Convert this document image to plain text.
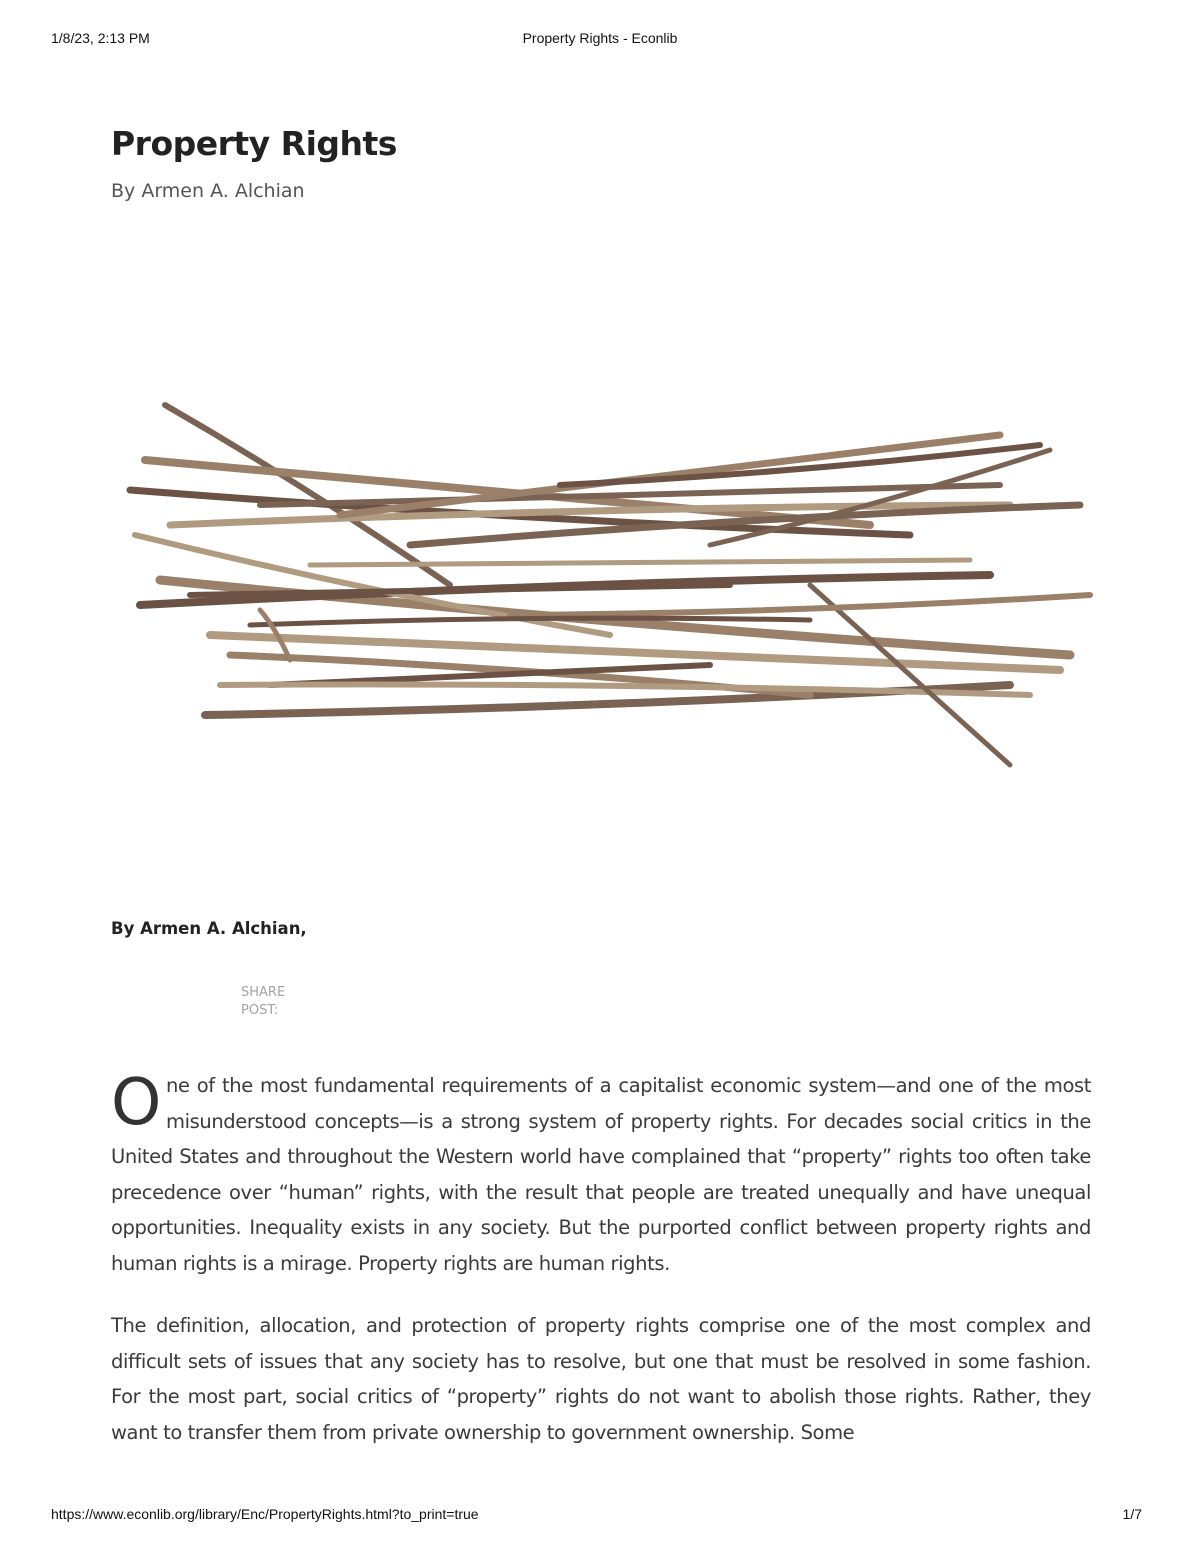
Property Rights - Econlib
1/8/23, 2:13 PM
Property Rights
By Armen A. Alchian
By Armen A. Alchian,
SHARE POST:

One of the most fundamental requirements of a capitalist economic system—and one of the most misunderstood concepts—is a strong system of property rights. For decades social critics in the United States and throughout the Western world have complained that “property” rights too often take precedence over “human” rights, with the result that people are treated unequally and have unequal opportunities. Inequality exists in any society. But the purported conflict between property rights and human rights is a mirage. Property rights are human rights.

The definition, allocation, and protection of property rights comprise one of the most complex and difficult sets of issues that any society has to resolve, but one that must be resolved in some fashion. For the most part, social critics of “property” rights do not want to abolish those rights. Rather, they want to transfer them from private ownership to government ownership. Some

https://www.econlib.org/library/Enc/PropertyRights.html?to_print=true	1/7
